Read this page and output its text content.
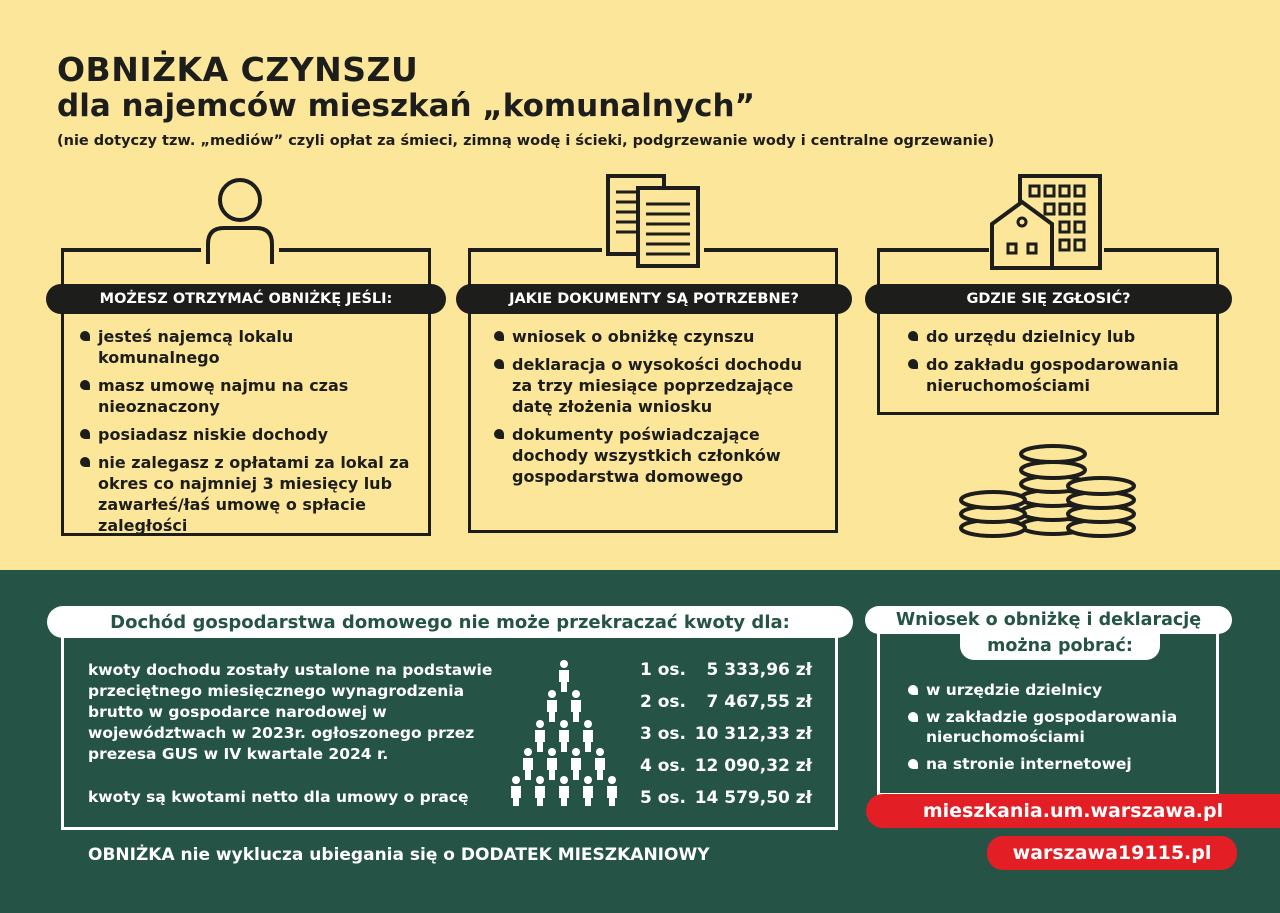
OBNIŻKA CZYNSZU
dla najemców mieszkań „komunalnych”
(nie dotyczy tzw. „mediów” czyli opłat za śmieci, zimną wodę i ścieki, podgrzewanie wody i centralne ogrzewanie)
MOŻESZ OTRZYMAĆ OBNIŻKĘ JEŚLI:
jesteś najemcą lokalu komunalnego
masz umowę najmu na czas nieoznaczony
posiadasz niskie dochody
nie zalegasz z opłatami za lokal za okres co najmniej 3 miesięcy lub zawarłeś/łaś umowę o spłacie zaległości
JAKIE DOKUMENTY SĄ POTRZEBNE?
wniosek o obniżkę czynszu
deklaracja o wysokości dochodu za trzy miesiące poprzedzające datę złożenia wniosku
dokumenty poświadczające dochody wszystkich członków gospodarstwa domowego
GDZIE SIĘ ZGŁOSIĆ?
do urzędu dzielnicy lub
do zakładu gospodarowania nieruchomościami
Dochód gospodarstwa domowego nie może przekraczać kwoty dla:
kwoty dochodu zostały ustalone na podstawie przeciętnego miesięcznego wynagrodzenia brutto w gospodarce narodowej w województwach w 2023r. ogłoszonego przez prezesa GUS w IV kwartale 2024 r.
kwoty są kwotami netto dla umowy o pracę
1 os.	5 333,96 zł
2 os.	7 467,55 zł
3 os. 10 312,33 zł
4 os. 12 090,32 zł
5 os. 14 579,50 zł
Wniosek o obniżkę i deklarację
można pobrać:
w urzędzie dzielnicy
w zakładzie gospodarowania nieruchomościami
na stronie internetowej
mieszkania.um.warszawa.pl
warszawa19115.pl
OBNIŻKA nie wyklucza ubiegania się o DODATEK MIESZKANIOWY
